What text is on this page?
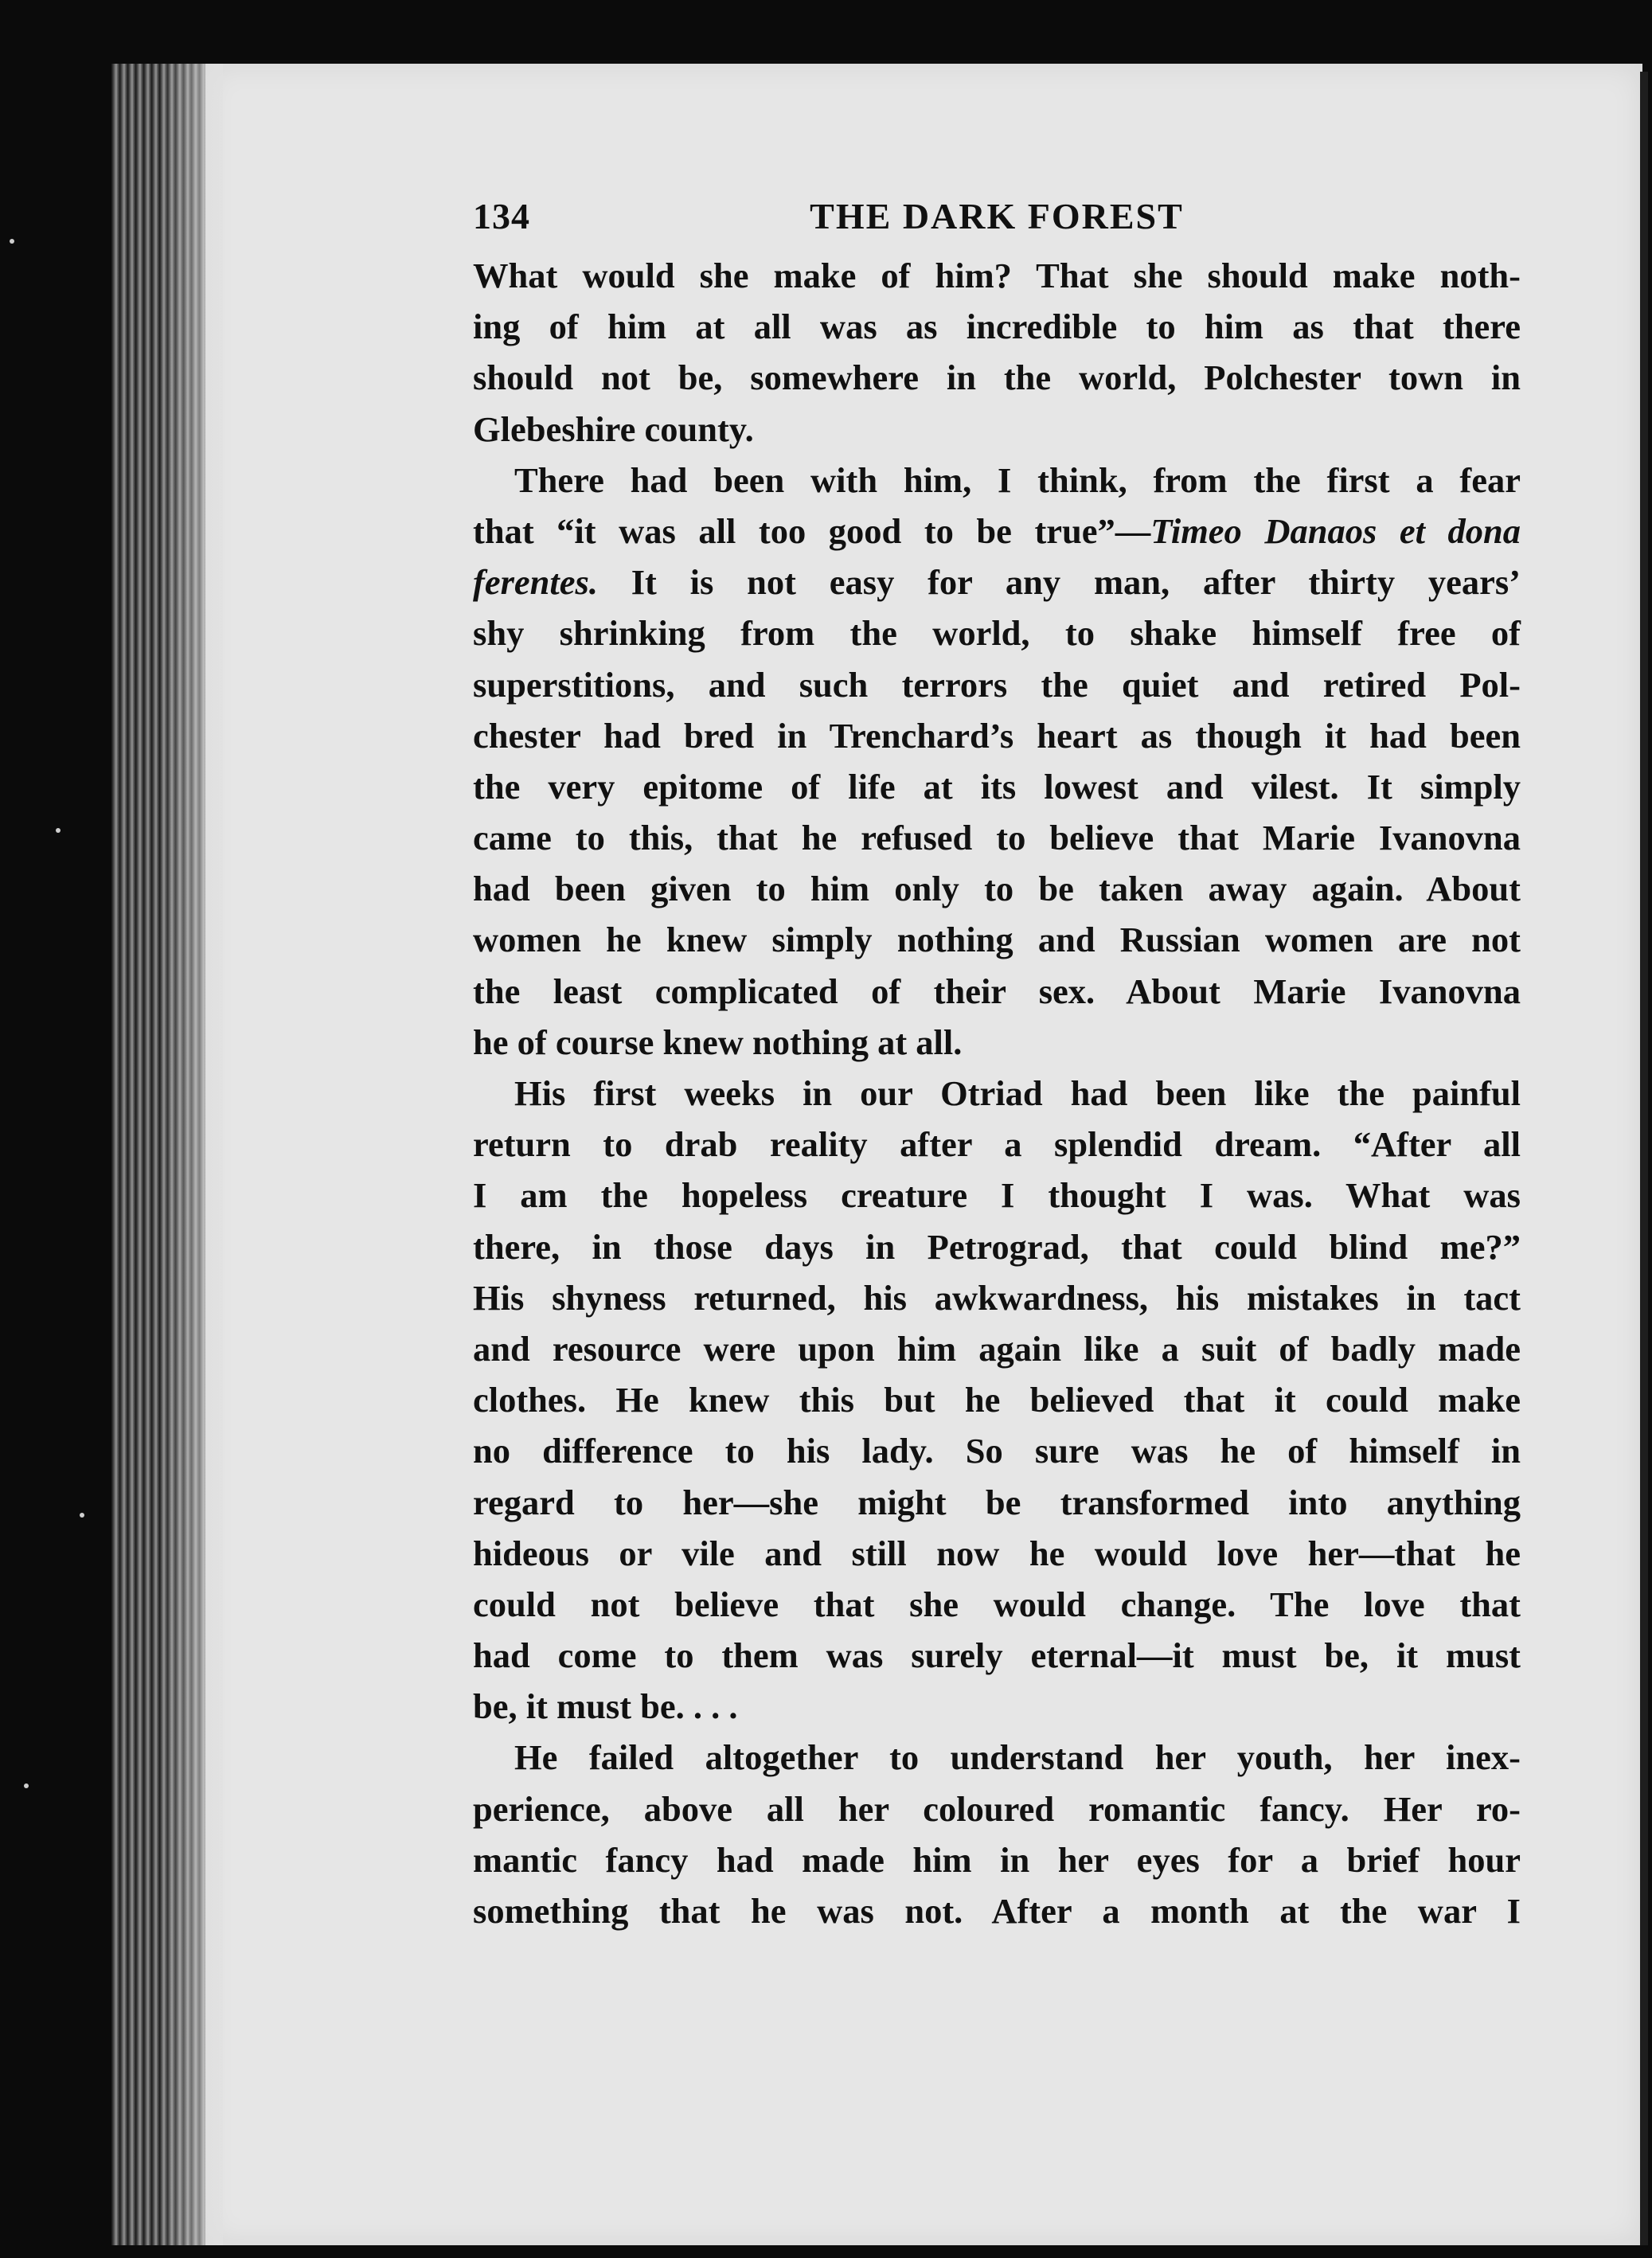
134	THE DARK FOREST
What would she make of him? That she should make noth-
ing of him at all was as incredible to him as that there
should not be, somewhere in the world, Polchester town in
Glebeshire county.
There had been with him, I think, from the first a fear
that “it was all too good to be true”—Timeo Danaos et dona
ferentes. It is not easy for any man, after thirty years’
shy shrinking from the world, to shake himself free of
superstitions, and such terrors the quiet and retired Pol-
chester had bred in Trenchard’s heart as though it had been
the very epitome of life at its lowest and vilest. It simply
came to this, that he refused to believe that Marie Ivanovna
had been given to him only to be taken away again. About
women he knew simply nothing and Russian women are not
the least complicated of their sex. About Marie Ivanovna
he of course knew nothing at all.
His first weeks in our Otriad had been like the painful
return to drab reality after a splendid dream. “After all
I am the hopeless creature I thought I was. What was
there, in those days in Petrograd, that could blind me?”
His shyness returned, his awkwardness, his mistakes in tact
and resource were upon him again like a suit of badly made
clothes. He knew this but he believed that it could make
no difference to his lady. So sure was he of himself in
regard to her—she might be transformed into anything
hideous or vile and still now he would love her—that he
could not believe that she would change. The love that
had come to them was surely eternal—it must be, it must
be, it must be. . . .
He failed altogether to understand her youth, her inex-
perience, above all her coloured romantic fancy. Her ro-
mantic fancy had made him in her eyes for a brief hour
something that he was not. After a month at the war I
